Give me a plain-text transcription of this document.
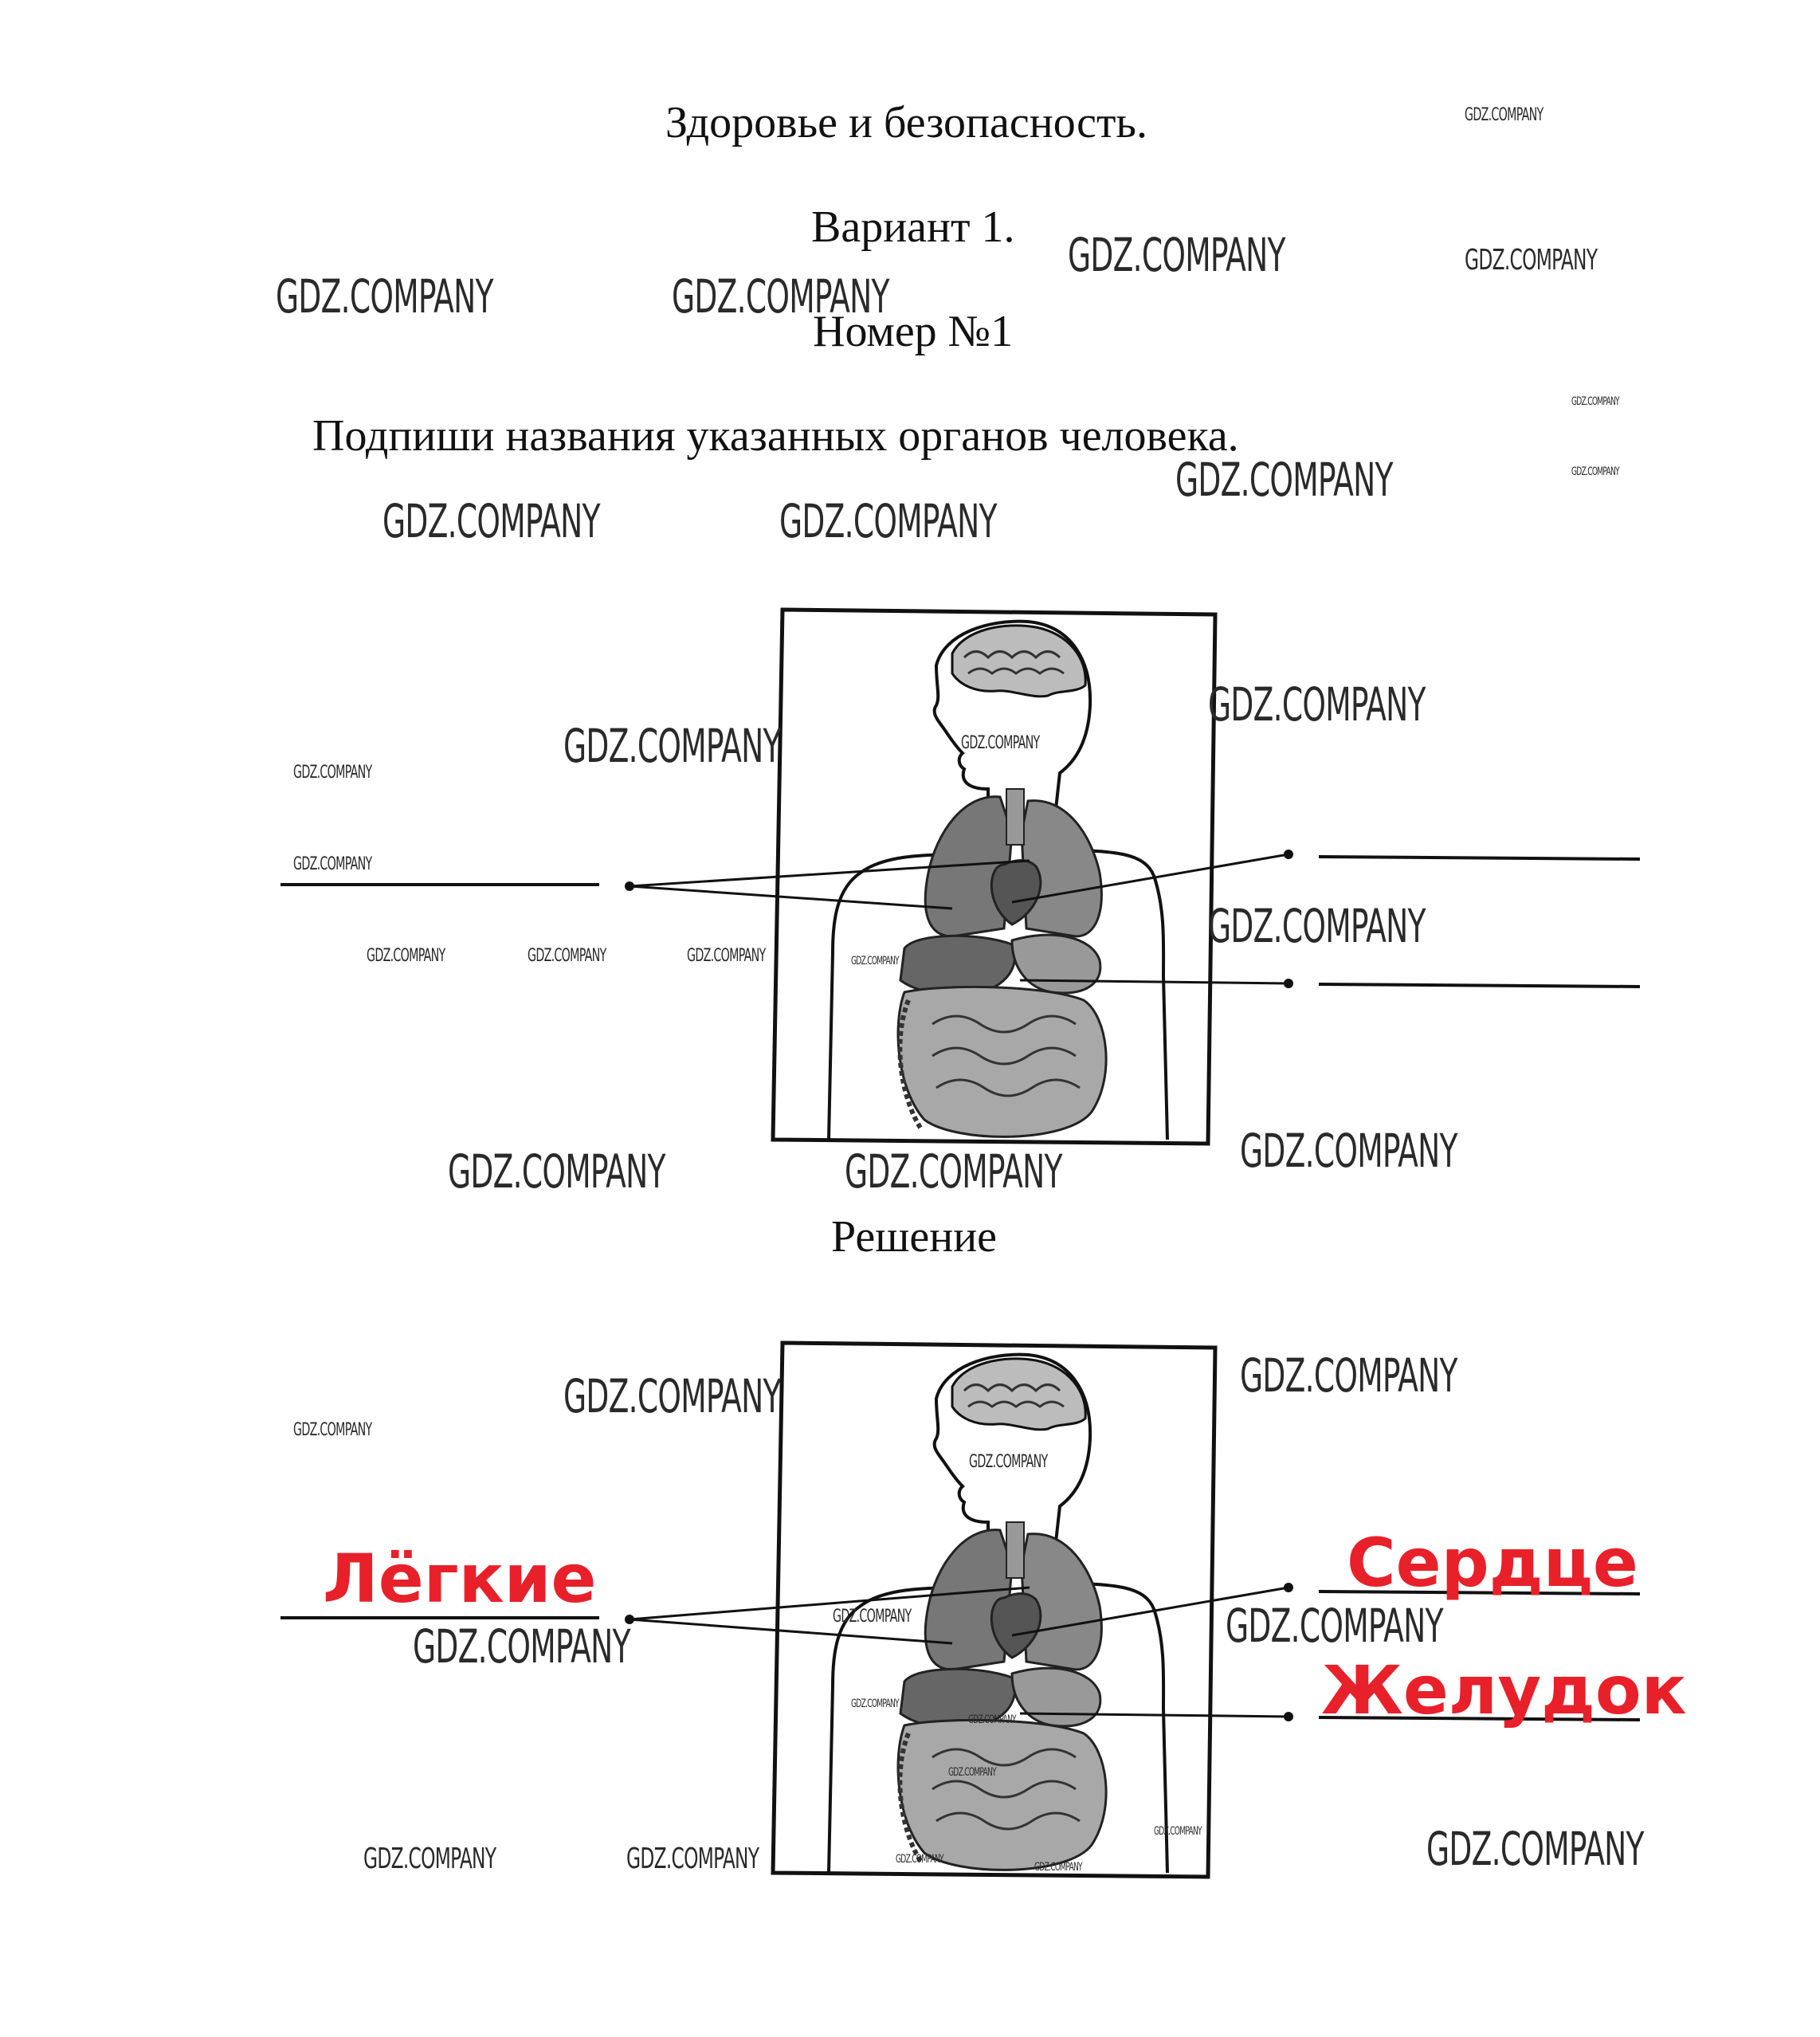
Здоровье и безопасность.
Вариант 1.
Номер №1
Подпиши названия указанных органов человека.
Решение
Лёгкие	Сердце
Желудок
GDZ.COMPANY
GDZ.COMPANY
GDZ.COMPANY
GDZ.COMPANY	GDZ.COMPANY
GDZ.COMPANY
GDZ.COMPANY
GDZ.COMPANY
GDZ.COMPANY	GDZ.COMPANY
GDZ.COMPANY
GDZ.COMPANY
GDZ.COMPANY
GDZ.COMPANY
GDZ.COMPANY
GDZ.COMPANY
GDZ.COMPANY	GDZ.COMPANY	GDZ.COMPANY	GDZ.COMPANY
GDZ.COMPANY
GDZ.COMPANY	GDZ.COMPANY
GDZ.COMPANY
GDZ.COMPANY
GDZ.COMPANY
GDZ.COMPANY
GDZ.COMPANY	GDZ.COMPANY
GDZ.COMPANY
GDZ.COMPANY
GDZ.COMPANY
GDZ.COMPANY
GDZ.COMPANY
GDZ.COMPANY	GDZ.COMPANY	GDZ.COMPANY
GDZ.COMPANY	GDZ.COMPANY
